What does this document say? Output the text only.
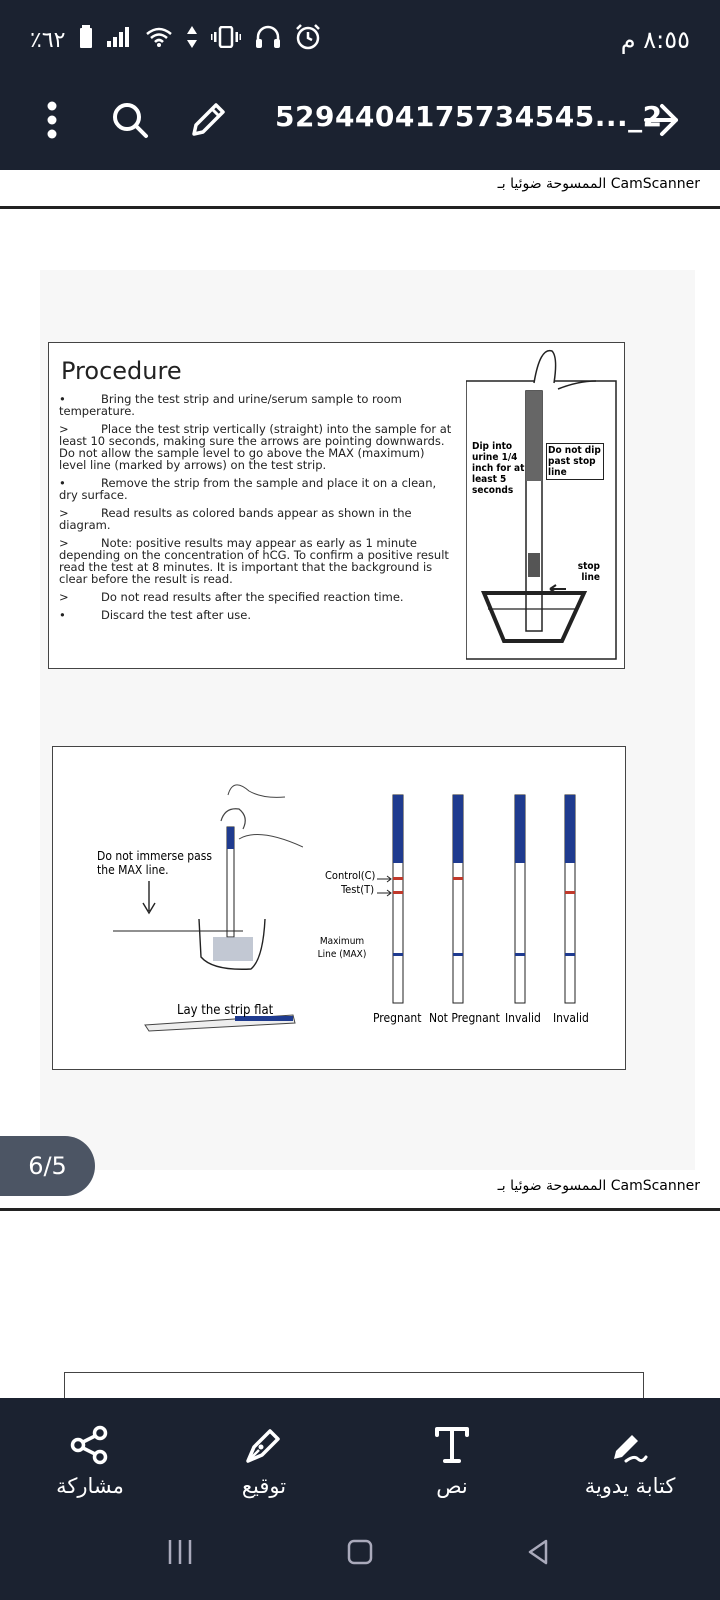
٪٦٢	٨:٥٥ م
5294404175734545..._2
الممسوحة ضوئيا بـ CamScanner
Procedure
•	Bring the test strip and urine/serum sample to room temperature.
>	Place the test strip vertically (straight) into the sample for at least 10 seconds, making sure the arrows are pointing downwards. Do not allow the sample level to go above the MAX (maximum) level line (marked by arrows) on the test strip.
•	Remove the strip from the sample and place it on a clean, dry surface.
>	Read results as colored bands appear as shown in the diagram.
>	Note: positive results may appear as early as 1 minute depending on the concentration of hCG. To confirm a positive result read the test at 8 minutes. It is important that the background is clear before the result is read.
>	Do not read results after the specified reaction time.
•	Discard the test after use.
Dip into urine 1/4 inch for at least 5 seconds
Do not dip past stop line
stop line
Do not immerse pass the MAX line.
Lay the strip flat
Control(C)
Test(T)
Maximum Line (MAX)
Pregnant Not Pregnant Invalid Invalid
الممسوحة ضوئيا بـ CamScanner
6/5
مشاركة	توقيع	نص	كتابة يدوية
